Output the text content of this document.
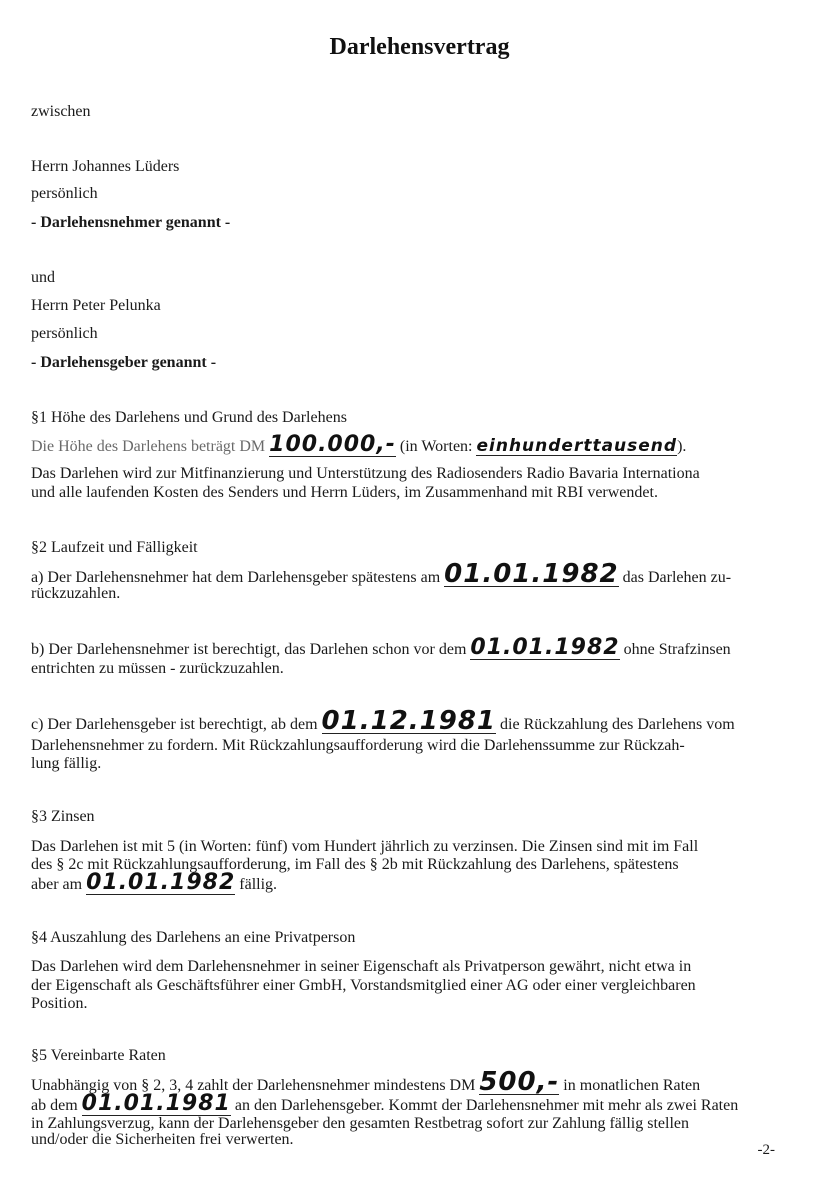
Darlehensvertrag
zwischen
Herrn Johannes Lüders
persönlich
- Darlehensnehmer genannt -
und
Herrn Peter Pelunka
persönlich
- Darlehensgeber genannt -
§1 Höhe des Darlehens und Grund des Darlehens
Die Höhe des Darlehens beträgt DM 100.000,- (in Worten: einhunderttausend).
Das Darlehen wird zur Mitfinanzierung und Unterstützung des Radiosenders Radio Bavaria Internationa
und alle laufenden Kosten des Senders und Herrn Lüders, im Zusammenhand mit RBI verwendet.
§2 Laufzeit und Fälligkeit
a) Der Darlehensnehmer hat dem Darlehensgeber spätestens am 01.01.1982 das Darlehen zu-
rückzuzahlen.
b) Der Darlehensnehmer ist berechtigt, das Darlehen schon vor dem 01.01.1982 ohne Strafzinsen
entrichten zu müssen - zurückzuzahlen.
c) Der Darlehensgeber ist berechtigt, ab dem 01.12.1981 die Rückzahlung des Darlehens vom
Darlehensnehmer zu fordern. Mit Rückzahlungsaufforderung wird die Darlehenssumme zur Rückzah-
lung fällig.
§3 Zinsen
Das Darlehen ist mit 5 (in Worten: fünf) vom Hundert jährlich zu verzinsen. Die Zinsen sind mit im Fall
des § 2c mit Rückzahlungsaufforderung, im Fall des § 2b mit Rückzahlung des Darlehens, spätestens
aber am 01.01.1982 fällig.
§4 Auszahlung des Darlehens an eine Privatperson
Das Darlehen wird dem Darlehensnehmer in seiner Eigenschaft als Privatperson gewährt, nicht etwa in
der Eigenschaft als Geschäftsführer einer GmbH, Vorstandsmitglied einer AG oder einer vergleichbaren
Position.
§5 Vereinbarte Raten
Unabhängig von § 2, 3, 4 zahlt der Darlehensnehmer mindestens DM 500,- in monatlichen Raten
ab dem 01.01.1981 an den Darlehensgeber. Kommt der Darlehensnehmer mit mehr als zwei Raten
in Zahlungsverzug, kann der Darlehensgeber den gesamten Restbetrag sofort zur Zahlung fällig stellen
und/oder die Sicherheiten frei verwerten.
-2-
